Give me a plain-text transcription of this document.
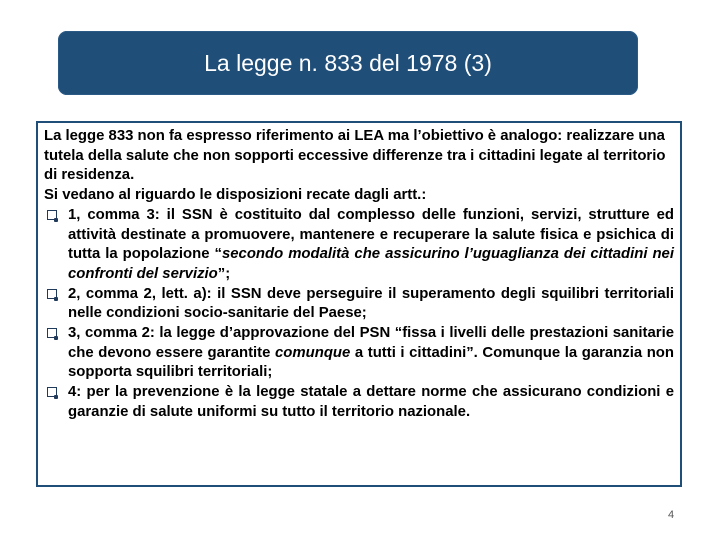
La legge n. 833 del 1978 (3)
La legge 833 non fa espresso riferimento ai LEA ma l’obiettivo è analogo: realizzare una tutela della salute che non sopporti eccessive differenze tra i cittadini legate al territorio di residenza.
Si vedano al riguardo le disposizioni recate dagli artt.:
1, comma 3: il SSN è costituito dal complesso delle funzioni, servizi, strutture ed attività destinate a promuovere, mantenere e recuperare la salute fisica e psichica di tutta la popolazione “secondo modalità che assicurino l’uguaglianza dei cittadini nei confronti del servizio”;
2, comma 2, lett. a): il SSN deve perseguire il superamento degli squilibri territoriali nelle condizioni socio-sanitarie del Paese;
3, comma 2: la legge d’approvazione del PSN “fissa i livelli delle prestazioni sanitarie che devono essere garantite comunque a tutti i cittadini”. Comunque la garanzia non sopporta squilibri territoriali;
4: per la prevenzione è la legge statale a dettare norme che assicurano condizioni e garanzie di salute uniformi su tutto il territorio nazionale.
4
